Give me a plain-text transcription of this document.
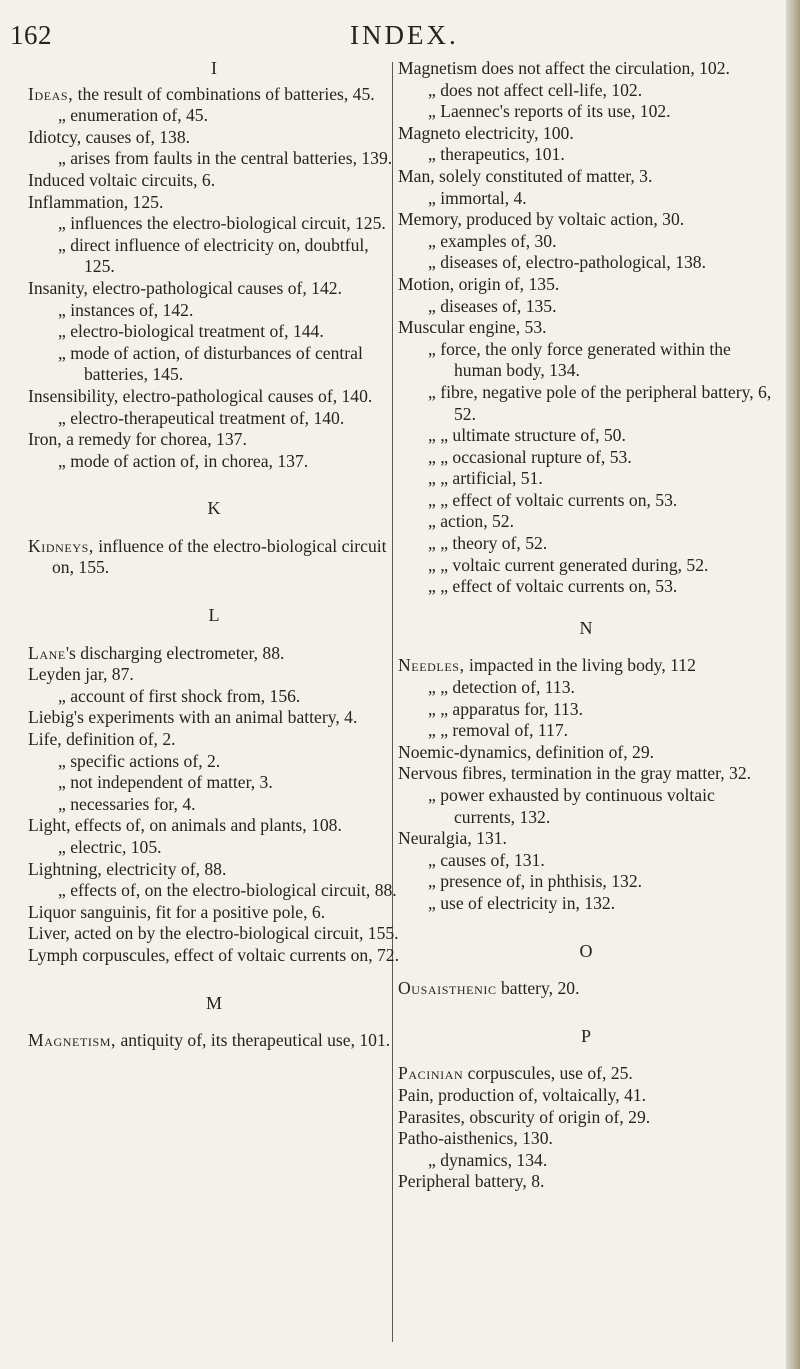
162	INDEX.

I

Ideas, the result of combinations of batteries, 45.

„ enumeration of, 45.

Idiotcy, causes of, 138.

„ arises from faults in the central batteries, 139.

Induced voltaic circuits, 6.

Inflammation, 125.

„ influences the electro-biological circuit, 125.

„ direct influence of electricity on, doubtful, 125.

Insanity, electro-pathological causes of, 142.

„ instances of, 142.

„ electro-biological treatment of, 144.

„ mode of action, of disturbances of central batteries, 145.

Insensibility, electro-pathological causes of, 140.

„ electro-therapeutical treatment of, 140.

Iron, a remedy for chorea, 137.

„ mode of action of, in chorea, 137.

K

Kidneys, influence of the electro-biological circuit on, 155.

L

Lane's discharging electrometer, 88.

Leyden jar, 87.

„ account of first shock from, 156.

Liebig's experiments with an animal battery, 4.

Life, definition of, 2.

„ specific actions of, 2.

„ not independent of matter, 3.

„ necessaries for, 4.

Light, effects of, on animals and plants, 108.

„ electric, 105.

Lightning, electricity of, 88.

„ effects of, on the electro-biological circuit, 88.

Liquor sanguinis, fit for a positive pole, 6.

Liver, acted on by the electro-biological circuit, 155.

Lymph corpuscules, effect of voltaic currents on, 72.

M

Magnetism, antiquity of, its therapeutical use, 101.

Magnetism does not affect the circulation, 102.

„ does not affect cell-life, 102.

„ Laennec's reports of its use, 102.

Magneto electricity, 100.

„ therapeutics, 101.

Man, solely constituted of matter, 3.

„ immortal, 4.

Memory, produced by voltaic action, 30.

„ examples of, 30.

„ diseases of, electro-pathological, 138.

Motion, origin of, 135.

„ diseases of, 135.

Muscular engine, 53.

„ force, the only force generated within the human body, 134.

„ fibre, negative pole of the peripheral battery, 6, 52.

„ „ ultimate structure of, 50.

„ „ occasional rupture of, 53.

„ „ artificial, 51.

„ „ effect of voltaic currents on, 53.

„ action, 52.

„ „ theory of, 52.

„ „ voltaic current generated during, 52.

„ „ effect of voltaic currents on, 53.

N

Needles, impacted in the living body, 112

„ „ detection of, 113.

„ „ apparatus for, 113.

„ „ removal of, 117.

Noemic-dynamics, definition of, 29.

Nervous fibres, termination in the gray matter, 32.

„ power exhausted by continuous voltaic currents, 132.

Neuralgia, 131.

„ causes of, 131.

„ presence of, in phthisis, 132.

„ use of electricity in, 132.

O

Ousaisthenic battery, 20.

P

Pacinian corpuscules, use of, 25.

Pain, production of, voltaically, 41.

Parasites, obscurity of origin of, 29.

Patho-aisthenics, 130.

„ dynamics, 134.

Peripheral battery, 8.
